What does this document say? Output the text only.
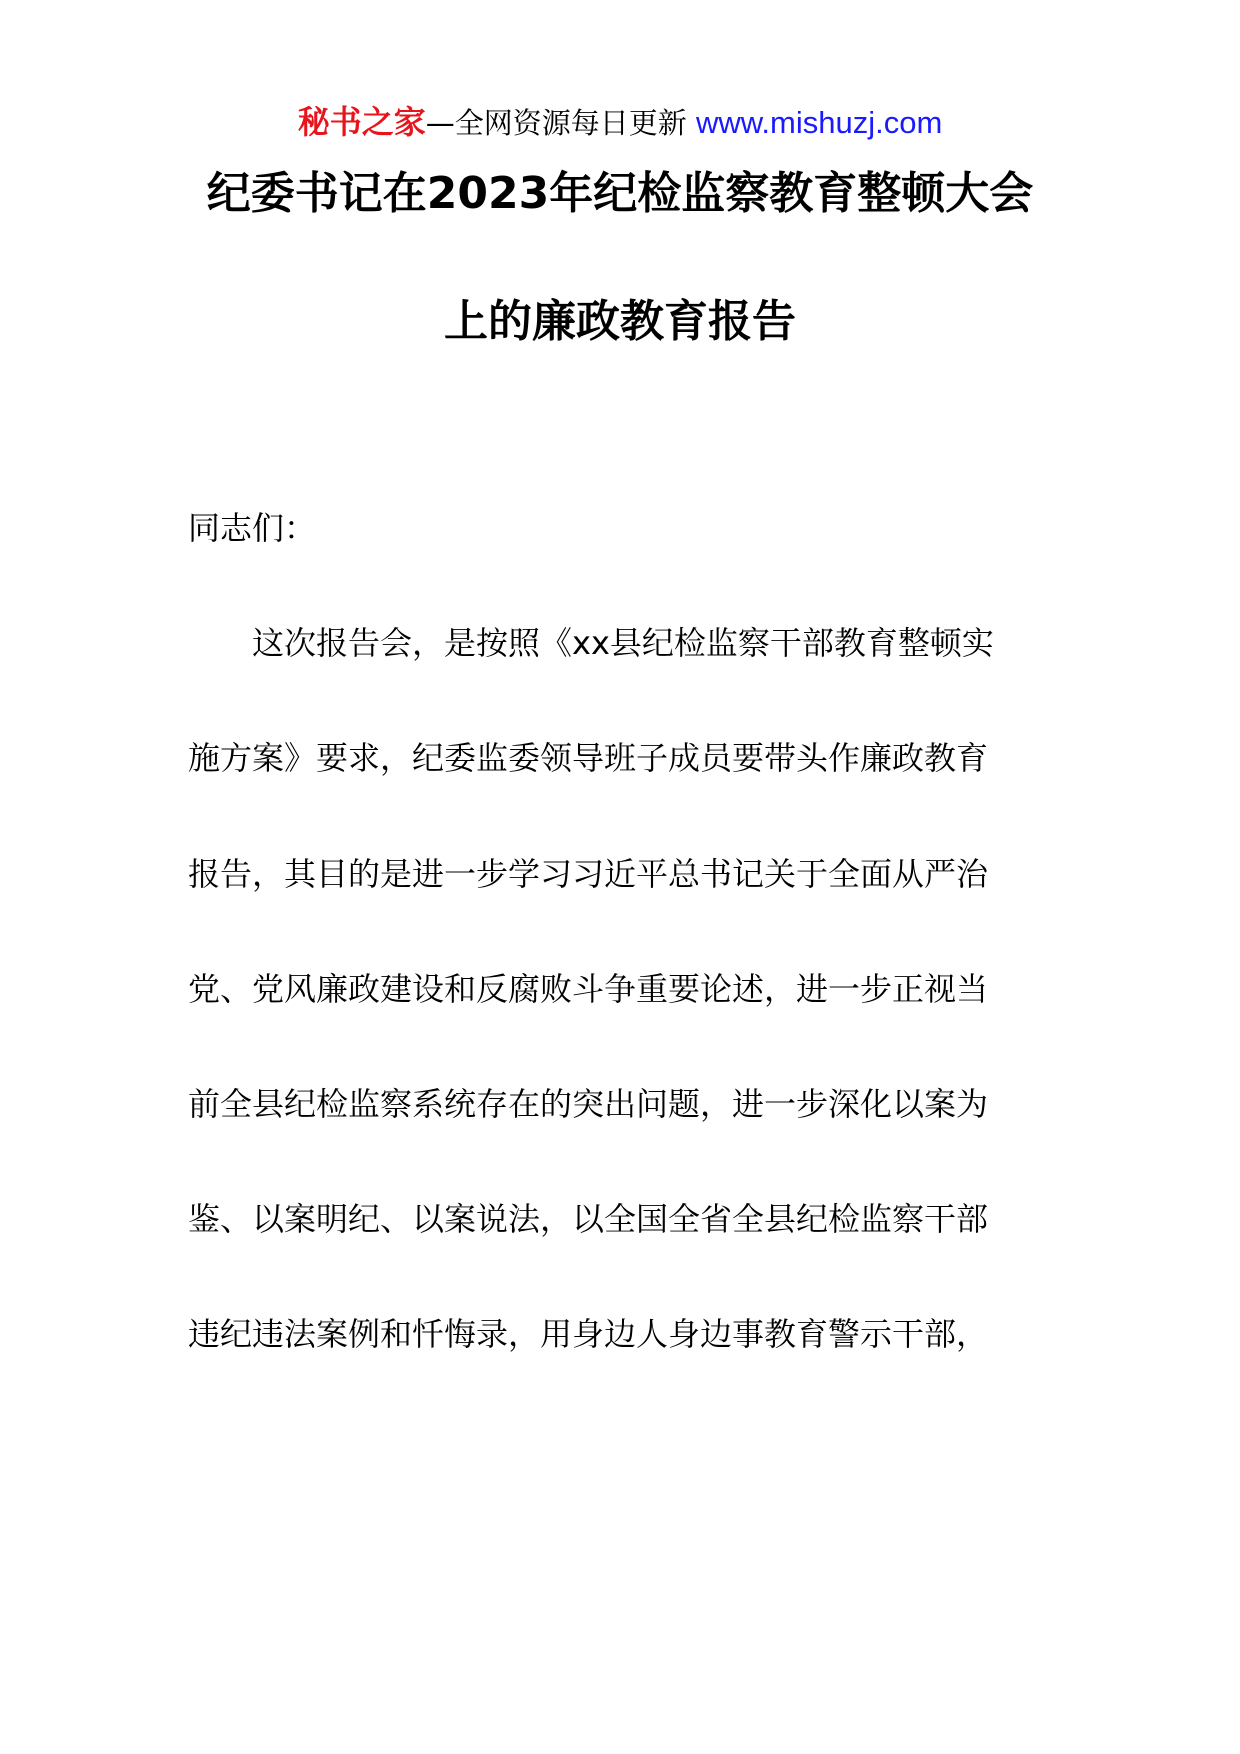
秘书之家—全网资源每日更新 www.mishuzj.com
纪委书记在2023年纪检监察教育整顿大会
上的廉政教育报告
同志们：
　　这次报告会，是按照《xx县纪检监察干部教育整顿实
施方案》要求，纪委监委领导班子成员要带头作廉政教育
报告，其目的是进一步学习习近平总书记关于全面从严治
党、党风廉政建设和反腐败斗争重要论述，进一步正视当
前全县纪检监察系统存在的突出问题，进一步深化以案为
鉴、以案明纪、以案说法，以全国全省全县纪检监察干部
违纪违法案例和忏悔录，用身边人身边事教育警示干部，
